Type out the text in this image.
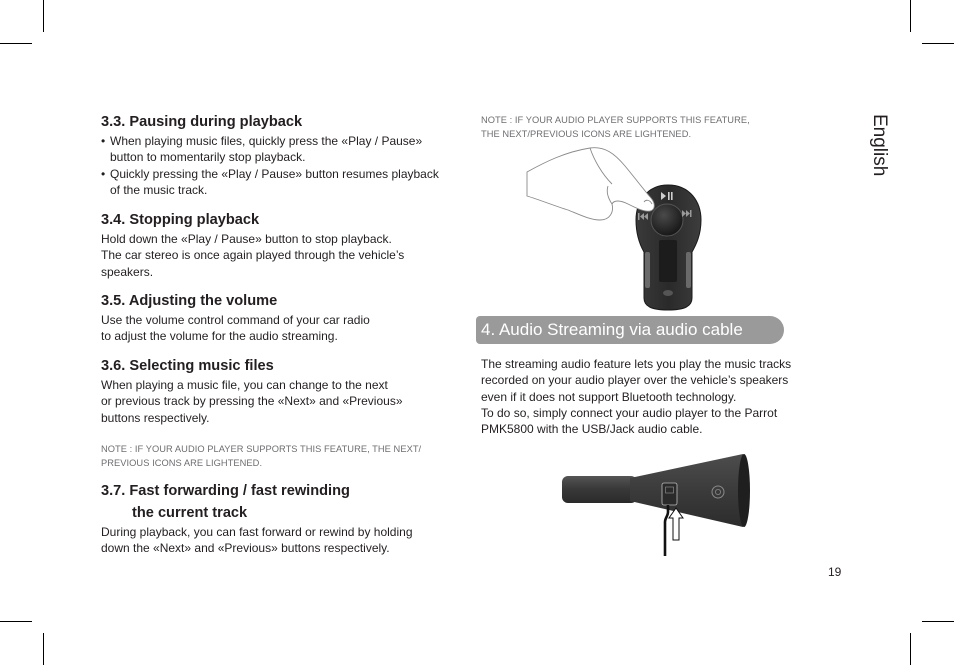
3.3. Pausing during playback
• When playing music files, quickly press the «Play / Pause»
button to momentarily stop playback.
• Quickly pressing the «Play / Pause» button resumes playback
of the music track.
3.4. Stopping playback
Hold down the «Play / Pause» button to stop playback.
The car stereo is once again played through the vehicle’s
speakers.
3.5. Adjusting the volume
Use the volume control command of your car radio
to adjust the volume for the audio streaming.
3.6. Selecting music files
When playing a music file, you can change to the next
or previous track by pressing the «Next» and «Previous»
buttons respectively.
NOTE : IF YOUR AUDIO PLAYER SUPPORTS THIS FEATURE, THE NEXT/
PREVIOUS ICONS ARE LIGHTENED.
3.7. Fast forwarding / fast rewinding
the current track
During playback, you can fast forward or rewind by holding
down the «Next» and «Previous» buttons respectively.
NOTE : IF YOUR AUDIO PLAYER SUPPORTS THIS FEATURE,
THE NEXT/PREVIOUS ICONS ARE LIGHTENED.
4. Audio Streaming via audio cable
The streaming audio feature lets you play the music tracks
recorded on your audio player over the vehicle’s speakers
even if it does not support Bluetooth technology.
To do so, simply connect your audio player to the Parrot
PMK5800 with the USB/Jack audio cable.
English
19
